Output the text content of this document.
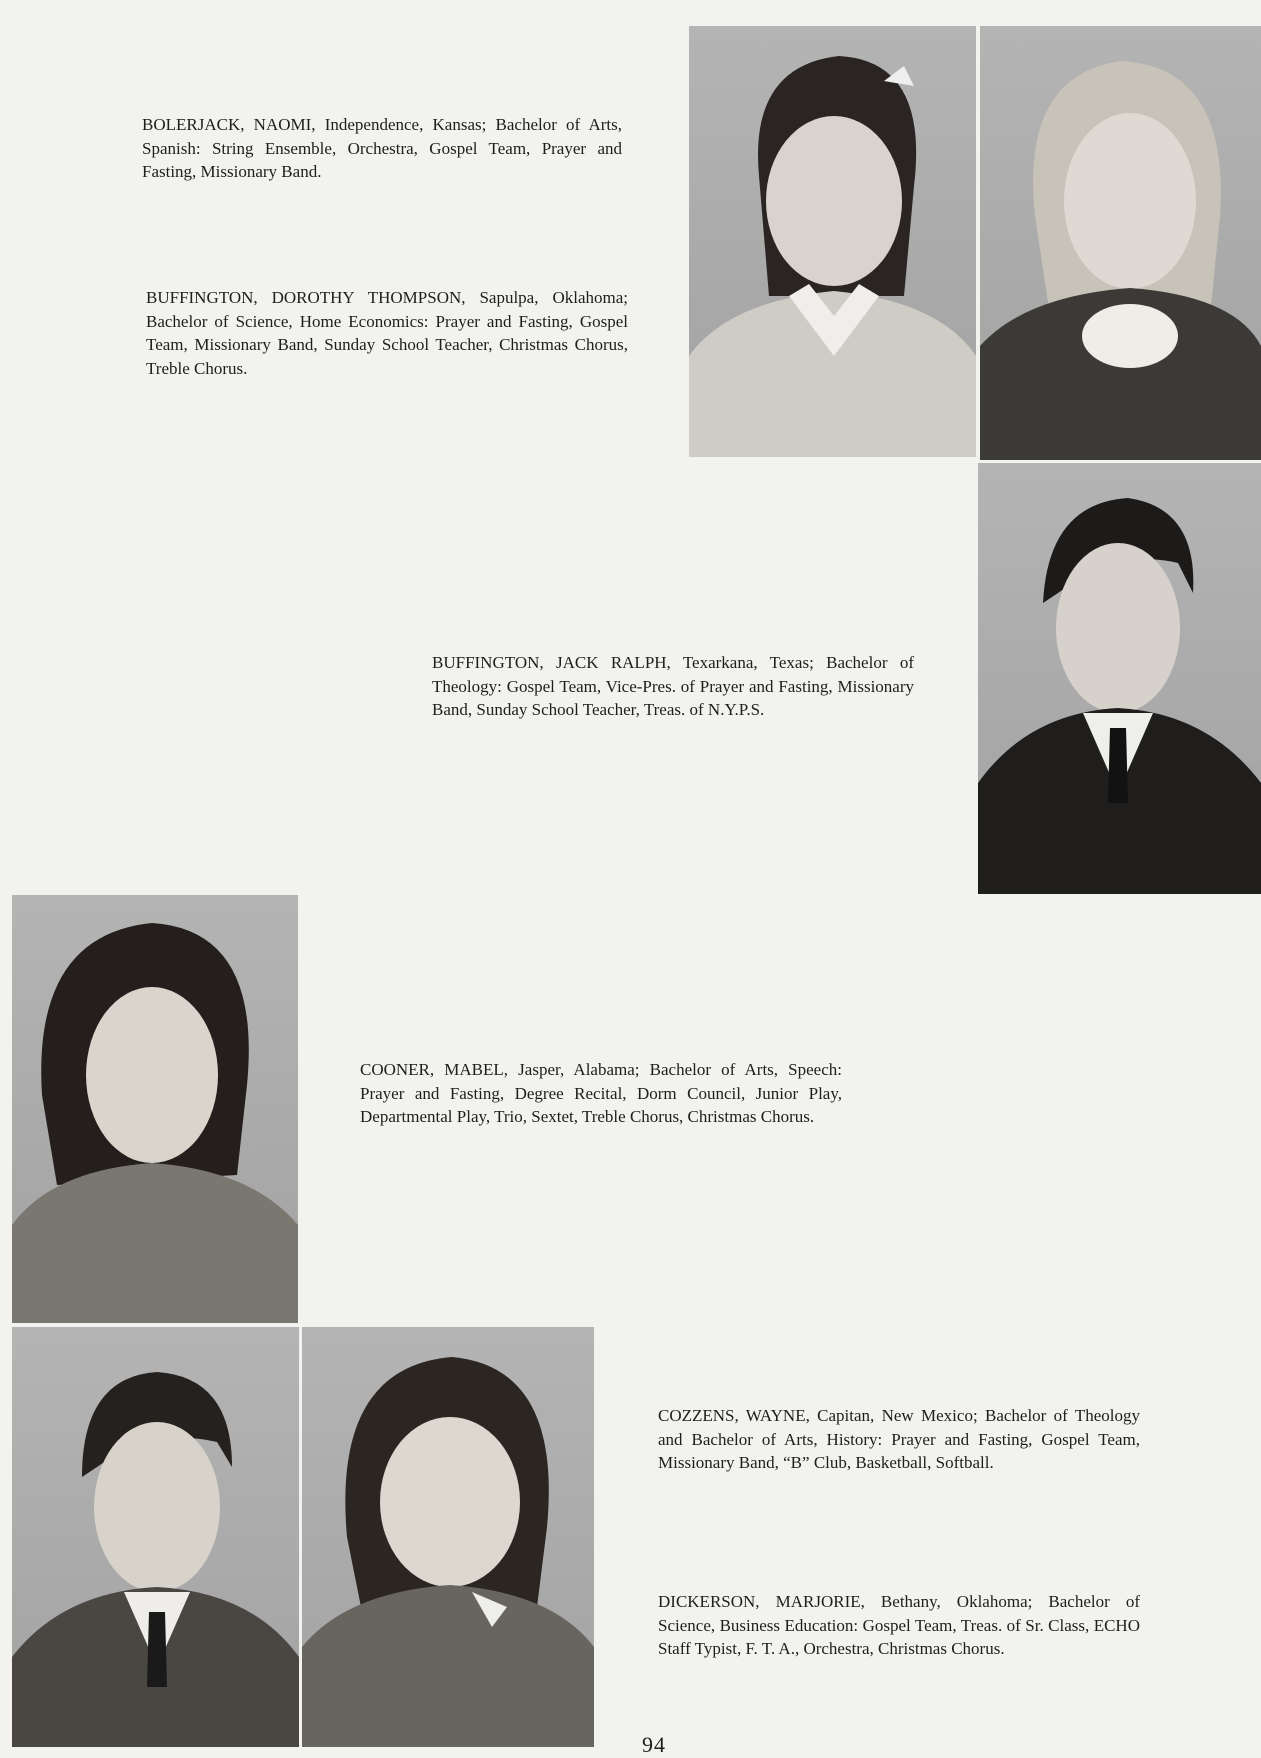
BOLERJACK, NAOMI, Independence, Kansas; Bachelor of Arts, Spanish: String Ensemble, Orchestra, Gospel Team, Prayer and Fasting, Missionary Band.

BUFFINGTON, DOROTHY THOMPSON, Sapulpa, Oklahoma; Bachelor of Science, Home Economics: Prayer and Fasting, Gospel Team, Missionary Band, Sunday School Teacher, Christmas Chorus, Treble Chorus.

BUFFINGTON, JACK RALPH, Texarkana, Texas; Bachelor of Theology: Gospel Team, Vice-Pres. of Prayer and Fasting, Missionary Band, Sunday School Teacher, Treas. of N.Y.P.S.

COONER, MABEL, Jasper, Alabama; Bachelor of Arts, Speech: Prayer and Fasting, Degree Recital, Dorm Council, Junior Play, Departmental Play, Trio, Sextet, Treble Chorus, Christmas Chorus.

COZZENS, WAYNE, Capitan, New Mexico; Bachelor of Theology and Bachelor of Arts, History: Prayer and Fasting, Gospel Team, Missionary Band, “B” Club, Basketball, Softball.

DICKERSON, MARJORIE, Bethany, Oklahoma; Bachelor of Science, Business Education: Gospel Team, Treas. of Sr. Class, ECHO Staff Typist, F. T. A., Orchestra, Christmas Chorus.

94
